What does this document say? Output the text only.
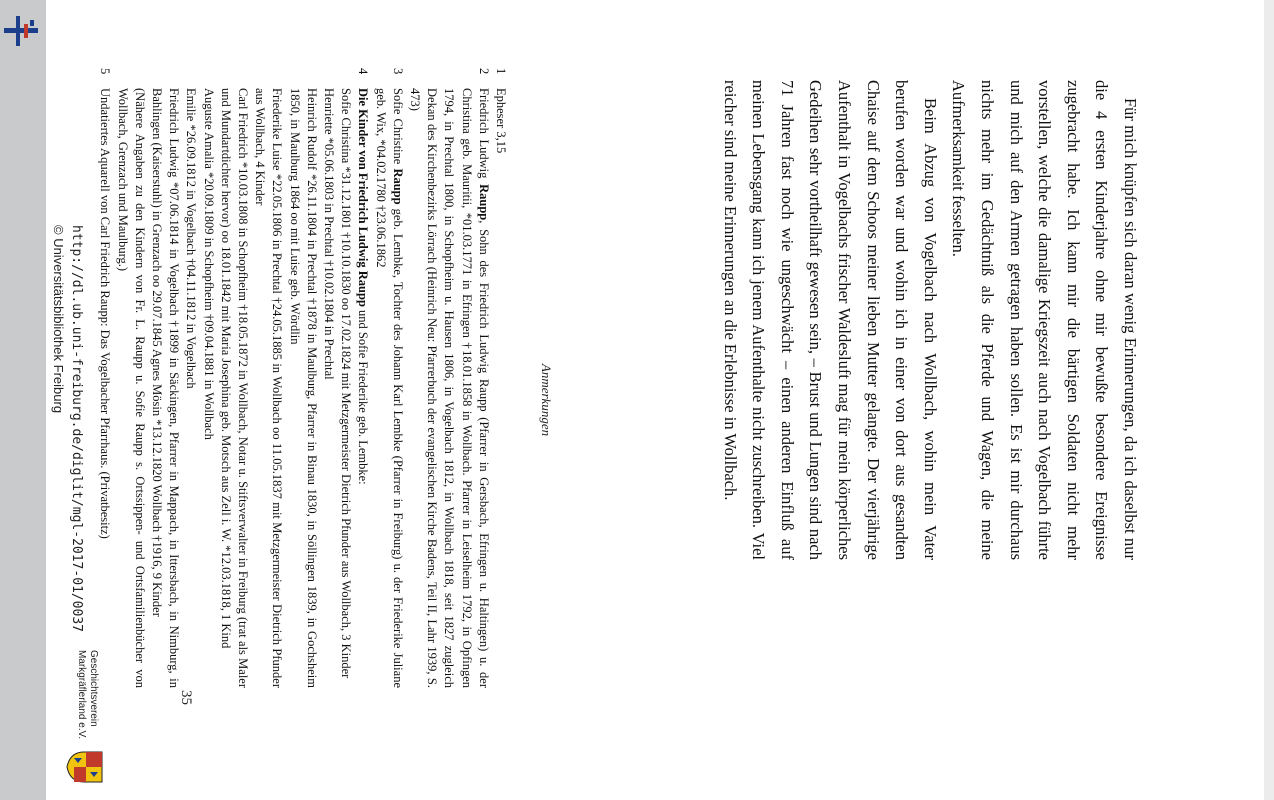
Für mich knüpfen sich daran wenig Erinnerungen, da ich daselbst nur die 4 ersten Kinderjahre ohne mir bewußte besondere Ereignisse zugebracht habe. Ich kann mir die bärtigen Soldaten nicht mehr vorstellen, welche die damalige Kriegszeit auch nach Vogelbach führte und mich auf den Armen getragen haben sollen. Es ist mir durchaus nichts mehr im Gedächtniß als die Pferde und Wagen, die meine Aufmerksamkeit fesselten.

Beim Abzug von Vogelbach nach Wollbach, wohin mein Vater berufen worden war und wohin ich in einer von dort aus gesandten Chaise auf dem Schoos meiner lieben Mutter gelangte. Der vierjährige Aufenthalt in Vogelbachs frischer Waldesluft mag für mein körperliches Gedeihen sehr vortheilhaft gewesen sein, – Brust und Lungen sind nach 71 Jahren fast noch wie ungeschwächt – einen anderen Einfluß auf meinen Lebensgang kann ich jenem Aufenthalte nicht zuschreiben. Viel reicher sind meine Erinnerungen an die Erlebnisse in Wollbach.

Anmerkungen
1

Epheser 3,15

2

Friedrich Ludwig Raupp, Sohn des Friedrich Ludwig Raupp (Pfarrer in Gersbach, Efringen u. Haltingen) u. der Christina geb. Mauritii, *01.03.1771 in Efringen †18.01.1858 in Wollbach. Pfarrer in Leiselheim 1792, in Opfingen 1794, in Prechtal 1800, in Schopfheim u. Hausen 1806, in Vogelbach 1812, in Wollbach 1818, seit 1827 zugleich Dekan des Kirchenbezirks Lörrach (Heinrich Neu: Pfarrerbuch der evangelischen Kirche Badens, Teil II, Lahr 1939, S. 473)

3

Sofie Christine Raupp geb. Lembke, Tochter des Johann Karl Lembke (Pfarrer in Freiburg) u. der Friederike Juliane geb. Wix, *04.02.1780 †23.06.1862

4

Die Kinder von Friedrich Ludwig Raupp und Sofie Friederike geb. Lembke:

Sofie Christina *31.12.1801 †10.10.1830 oo 17.02.1824 mit Metzgermeister Dietrich Pfunder aus Wollbach, 3 Kinder

Henriette *05.06.1803 in Prechtal †10.02.1804 in Prechtal

Heinrich Rudolf *26.11.1804 in Prechtal †1878 in Maulburg, Pfarrer in Binau 1830, in Söllingen 1839, in Gochsheim 1850, in Maulburg 1864 oo mit Luise geb. Wördlin

Friederike Luise *22.05.1806 in Prechtal †24.05.1885 in Wollbach oo 11.05.1837 mit Metzgermeister Dietrich Pfunder aus Wollbach, 4 Kinder

Carl Friedrich *10.03.1808 in Schopfheim †18.05.1872 in Wollbach, Notar u. Stiftsverwalter in Freiburg (trat als Maler und Mundartdichter hervor) oo 18.01.1842 mit Maria Josephina geb. Motsch aus Zell i. W. *12.03.1818, 1 Kind

Auguste Amalia *20.09.1809 in Schopfheim †09.04.1881 in Wollbach

Emilie *26.09.1812 in Vogelbach †04.11.1812 in Vogelbach

Friedrich Ludwig *07.06.1814 in Vogelbach †1899 in Säckingen, Pfarrer in Mappach, in Ittersbach, in Nimburg, in Bahlingen (Kaiserstuhl) in Grenzach oo 29.07.1845 Agnes Mösin *13.12.1820 Wollbach †1916, 9 Kinder

(Nähere Angaben zu den Kindern von Fr. L. Raupp u. Sofie Raupp s. Ortssippen- und Ortsfamilienbücher von Wollbach, Grenzach und Maulburg.)

5

Undatiertes Aquarell von Carl Friedrich Raupp: Das Vogelbacher Pfarrhaus. (Privatbesitz)

35
http://dl.ub.uni-freiburg.de/diglit/mgl-2017-01/0037
© Universitätsbibliothek Freiburg
Geschichtsverein
Markgräflerland e.V.
